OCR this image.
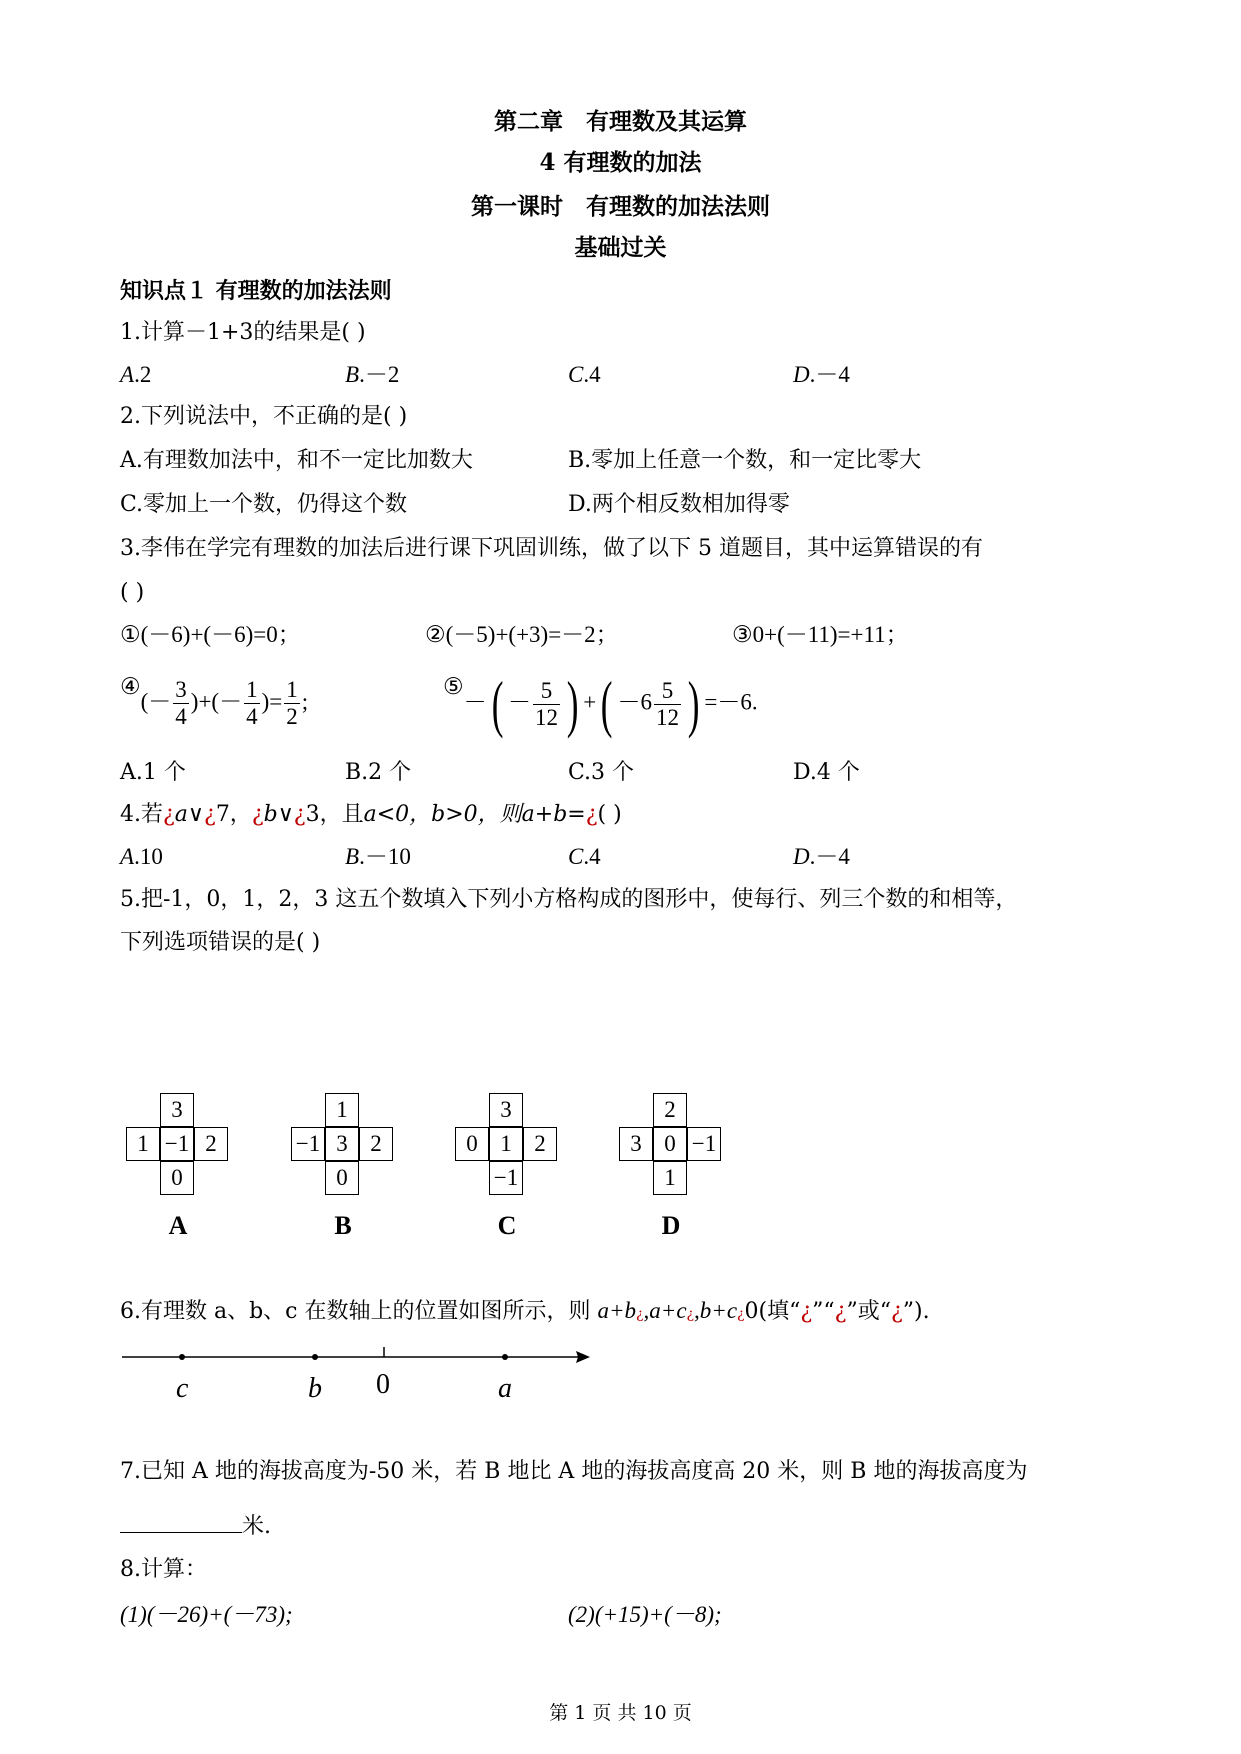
第二章　有理数及其运算
4 有理数的加法
第一课时　有理数的加法法则
基础过关
知识点１ 有理数的加法法则
1.计算－1+3的结果是( )
A.2	B.－2	C.4	D.－4
2.下列说法中，不正确的是( )
A.有理数加法中，和不一定比加数大	B.零加上任意一个数，和一定比零大
C.零加上一个数，仍得这个数	D.两个相反数相加得零
3.李伟在学完有理数的加法后进行课下巩固训练，做了以下 5 道题目，其中运算错误的有
( )
①(－6)+(－6)=0；	②(－5)+(+3)=－2；	③0+(－11)=+11；
④(－ $\frac{3}{4}$ )+(－ $\frac{1}{4}$ )= $\frac{1}{2}$ ;
⑤－( － $\frac{5}{12}$ ) +( $-6 \frac{5}{12}$ ) =－6.
A.1 个	B.2 个	C.3 个	D.4 个
4.若¿a∨¿7，¿b∨¿3，且a<0，b>0，则a+b=¿( )
A.10	B.－10	C.4	D.－4
5.把-1，0，1，2，3 这五个数填入下列小方格构成的图形中，使每行、列三个数的和相等，
下列选项错误的是( )
3
1 −1 2
0
A
1
−1 3 2
0
B
3
0 1 2
−1
C
2
3 0 −1
1
D
6.有理数 a、b、c 在数轴上的位置如图所示，则 a+b¿,a+c¿,b+c¿0(填“¿”“¿”或“¿”).
c	b 0	a
7.已知 A 地的海拔高度为-50 米，若 B 地比 A 地的海拔高度高 20 米，则 B 地的海拔高度为
米.
8.计算：
(1)(－26)+(－73);	(2)(+15)+(－8);
第 1 页 共 10 页
